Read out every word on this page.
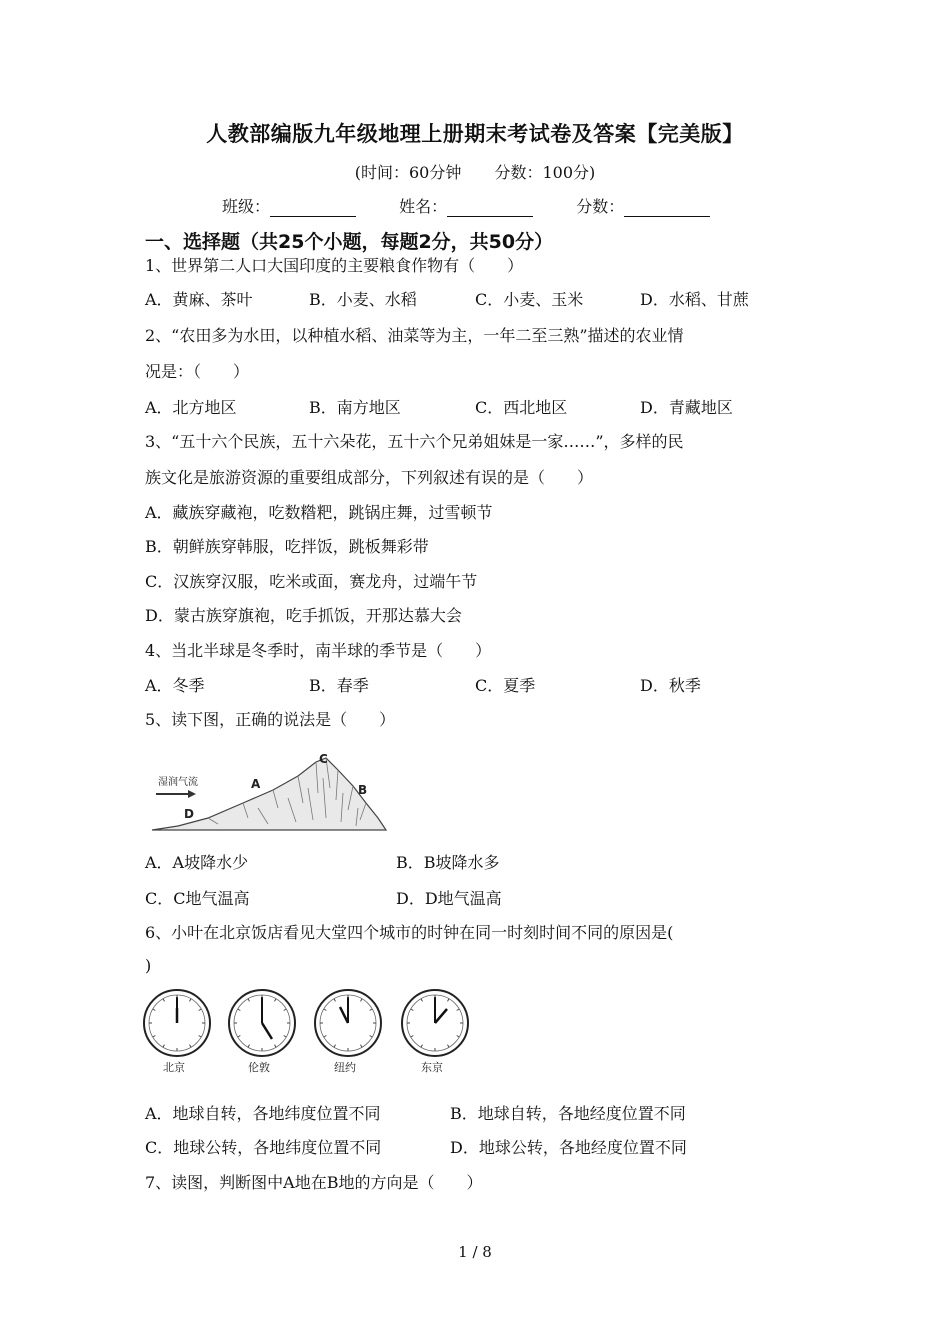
人教部编版九年级地理上册期末考试卷及答案【完美版】
(时间：60分钟 分数：100分)
班级：	姓名：	分数：
一、选择题（共25个小题，每题2分，共50分）
1、世界第二人口大国印度的主要粮食作物有（　　）
A．黄麻、茶叶	B．小麦、水稻	C．小麦、玉米	D．水稻、甘蔗
2、“农田多为水田，以种植水稻、油菜等为主，一年二至三熟”描述的农业情
况是：（　　）
A．北方地区	B．南方地区	C．西北地区	D．青藏地区
3、“五十六个民族，五十六朵花，五十六个兄弟姐妹是一家……”，多样的民
族文化是旅游资源的重要组成部分，下列叙述有误的是（　　）
A．藏族穿藏袍，吃数糌粑，跳锅庄舞，过雪顿节
B．朝鲜族穿韩服，吃拌饭，跳板舞彩带
C．汉族穿汉服，吃米或面，赛龙舟，过端午节
D．蒙古族穿旗袍，吃手抓饭，开那达慕大会
4、当北半球是冬季时，南半球的季节是（　　）
A．冬季	B．春季	C．夏季	D．秋季
5、读下图，正确的说法是（　　）
湿润气流	A
C
B
D
A．A坡降水少	B．B坡降水多
C．C地气温高	D．D地气温高
6、小叶在北京饭店看见大堂四个城市的时钟在同一时刻时间不同的原因是(
)
北京	伦敦	纽约	东京
A．地球自转，各地纬度位置不同	B．地球自转，各地经度位置不同
C．地球公转，各地纬度位置不同	D．地球公转，各地经度位置不同
7、读图，判断图中A地在B地的方向是（　　）
1 / 8
